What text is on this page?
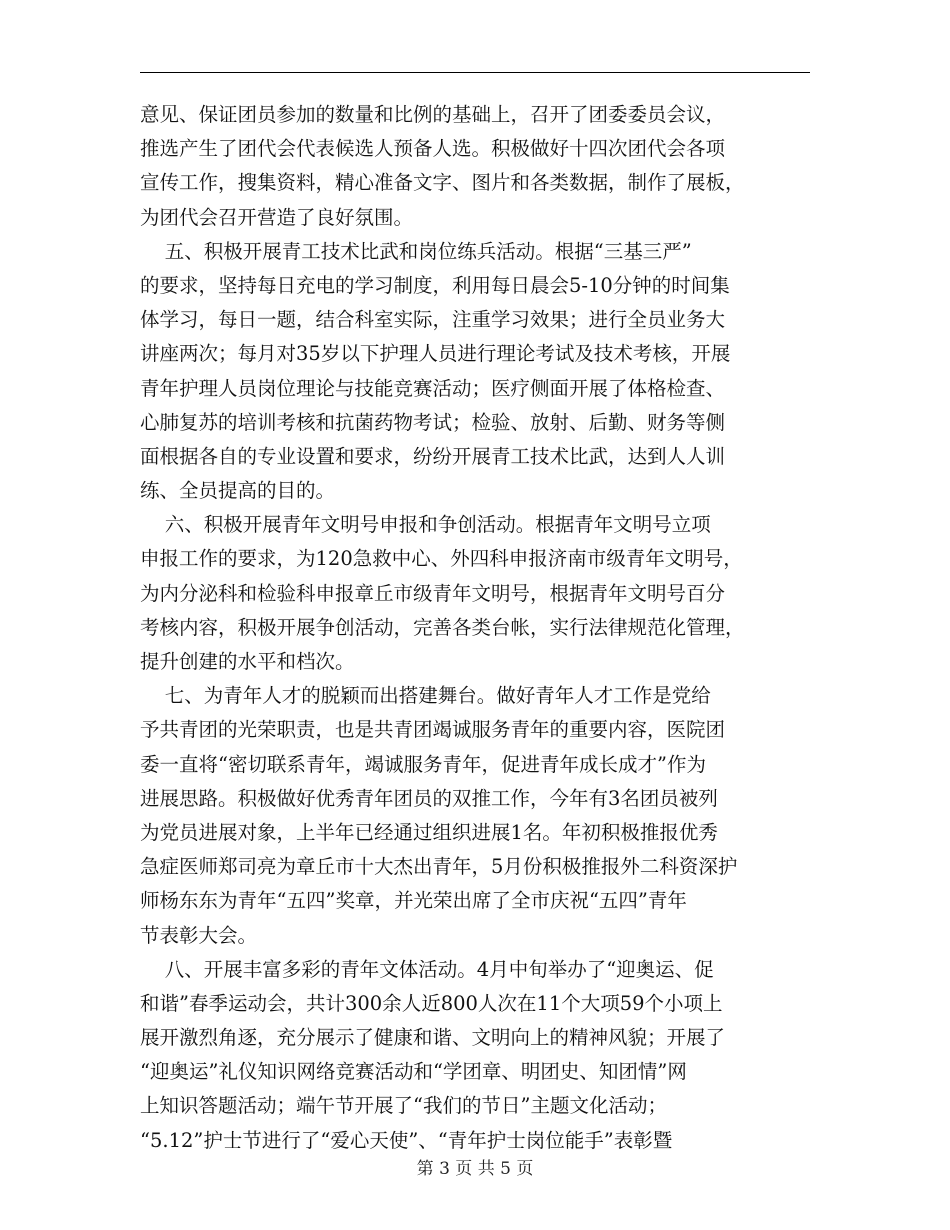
意见、保证团员参加的数量和比例的基础上，召开了团委委员会议，
推选产生了团代会代表候选人预备人选。积极做好十四次团代会各项
宣传工作，搜集资料，精心准备文字、图片和各类数据，制作了展板，
为团代会召开营造了良好氛围。
五、积极开展青工技术比武和岗位练兵活动。根据“三基三严”
的要求，坚持每日充电的学习制度，利用每日晨会5-10分钟的时间集
体学习，每日一题，结合科室实际，注重学习效果；进行全员业务大
讲座两次；每月对35岁以下护理人员进行理论考试及技术考核，开展
青年护理人员岗位理论与技能竞赛活动；医疗侧面开展了体格检查、
心肺复苏的培训考核和抗菌药物考试；检验、放射、后勤、财务等侧
面根据各自的专业设置和要求，纷纷开展青工技术比武，达到人人训
练、全员提高的目的。
六、积极开展青年文明号申报和争创活动。根据青年文明号立项
申报工作的要求，为120急救中心、外四科申报济南市级青年文明号，
为内分泌科和检验科申报章丘市级青年文明号，根据青年文明号百分
考核内容，积极开展争创活动，完善各类台帐，实行法律规范化管理，
提升创建的水平和档次。
七、为青年人才的脱颖而出搭建舞台。做好青年人才工作是党给
予共青团的光荣职责，也是共青团竭诚服务青年的重要内容，医院团
委一直将“密切联系青年，竭诚服务青年，促进青年成长成才”作为
进展思路。积极做好优秀青年团员的双推工作，今年有3名团员被列
为党员进展对象，上半年已经通过组织进展1名。年初积极推报优秀
急症医师郑司亮为章丘市十大杰出青年，5月份积极推报外二科资深护
师杨东东为青年“五四”奖章，并光荣出席了全市庆祝“五四”青年
节表彰大会。
八、开展丰富多彩的青年文体活动。4月中旬举办了“迎奥运、促
和谐”春季运动会，共计300余人近800人次在11个大项59个小项上
展开激烈角逐，充分展示了健康和谐、文明向上的精神风貌；开展了
“迎奥运”礼仪知识网络竞赛活动和“学团章、明团史、知团情”网
上知识答题活动；端午节开展了“我们的节日”主题文化活动；
“5.12”护士节进行了“爱心天使”、“青年护士岗位能手”表彰暨
第 3 页 共 5 页
